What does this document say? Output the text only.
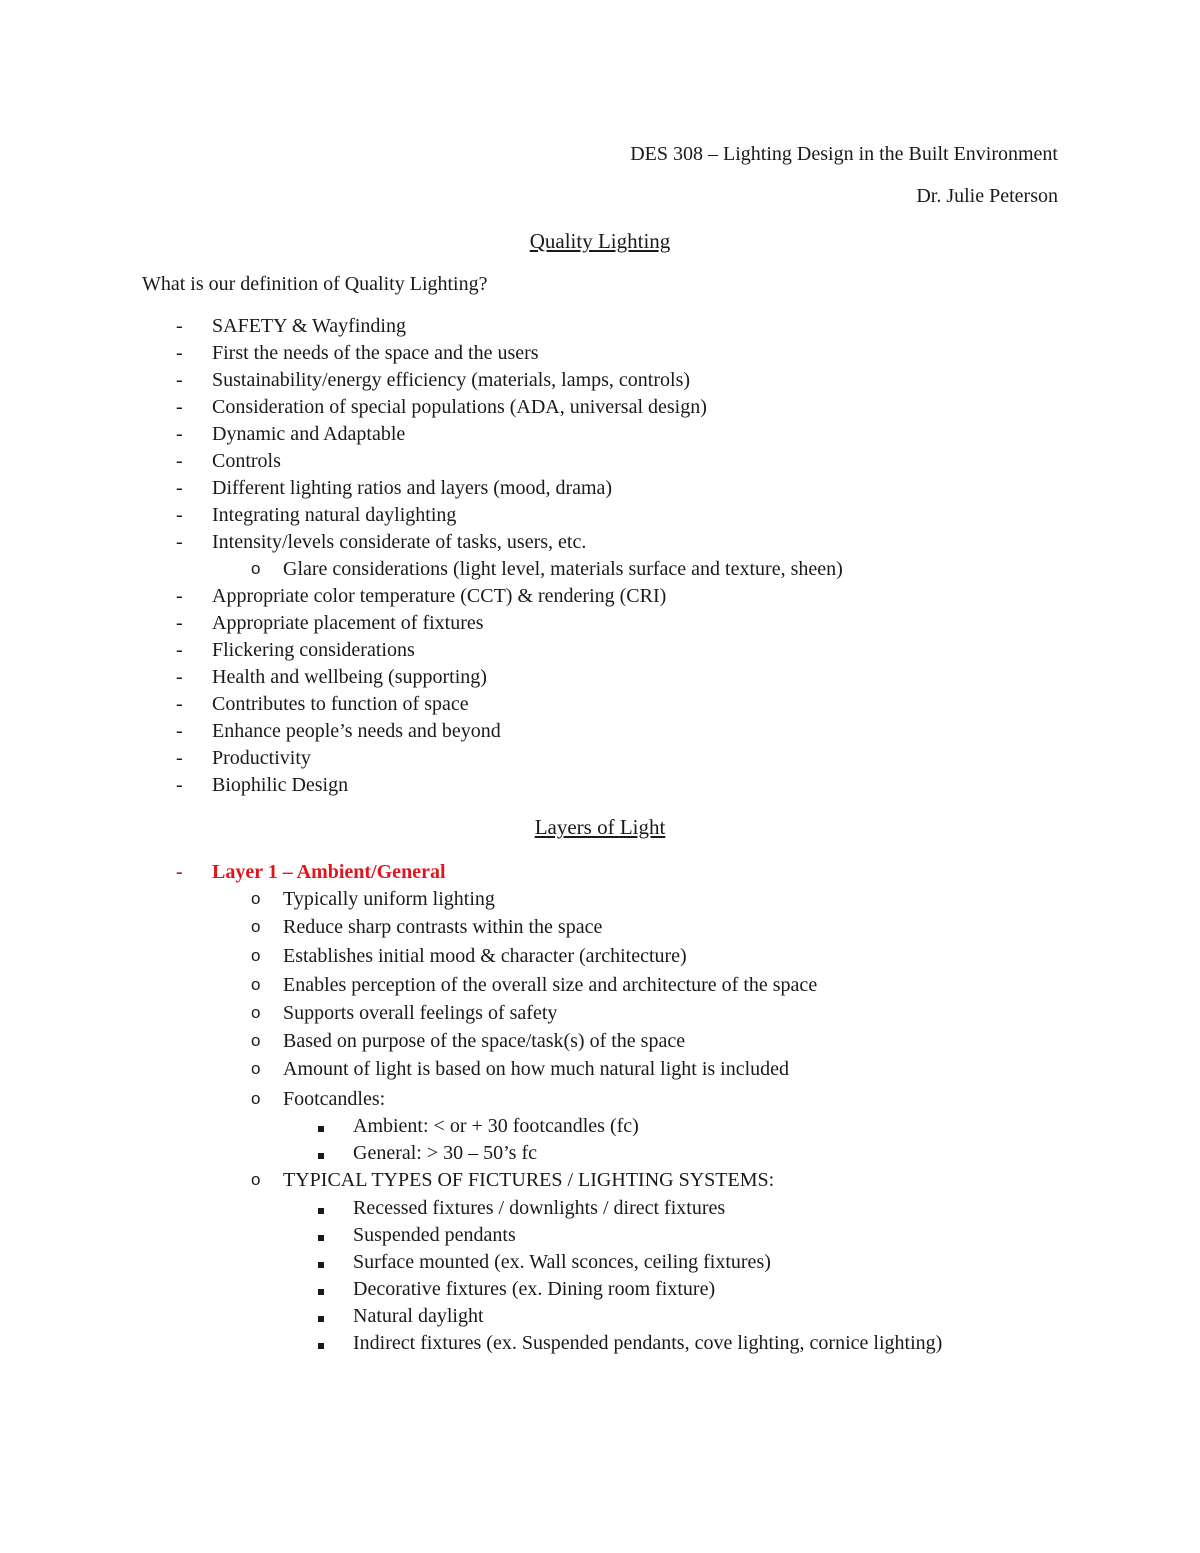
DES 308 – Lighting Design in the Built Environment
Dr. Julie Peterson
Quality Lighting
What is our definition of Quality Lighting?
-	SAFETY & Wayfinding
-	First the needs of the space and the users
-	Sustainability/energy efficiency (materials, lamps, controls)
-	Consideration of special populations (ADA, universal design)
-	Dynamic and Adaptable
-	Controls
-	Different lighting ratios and layers (mood, drama)
-	Integrating natural daylighting
-	Intensity/levels considerate of tasks, users, etc.
o	Glare considerations (light level, materials surface and texture, sheen)
-	Appropriate color temperature (CCT) & rendering (CRI)
-	Appropriate placement of fixtures
-	Flickering considerations
-	Health and wellbeing (supporting)
-	Contributes to function of space
-	Enhance people’s needs and beyond
-	Productivity
-	Biophilic Design
Layers of Light
-	Layer 1 – Ambient/General
o	Typically uniform lighting
o	Reduce sharp contrasts within the space
o	Establishes initial mood & character (architecture)
o	Enables perception of the overall size and architecture of the space
o	Supports overall feelings of safety
o	Based on purpose of the space/task(s) of the space
o	Amount of light is based on how much natural light is included
o	Footcandles:
Ambient: < or + 30 footcandles (fc)
General: > 30 – 50’s fc
o	TYPICAL TYPES OF FICTURES / LIGHTING SYSTEMS:
Recessed fixtures / downlights / direct fixtures
Suspended pendants
Surface mounted (ex. Wall sconces, ceiling fixtures)
Decorative fixtures (ex. Dining room fixture)
Natural daylight
Indirect fixtures (ex. Suspended pendants, cove lighting, cornice lighting)
